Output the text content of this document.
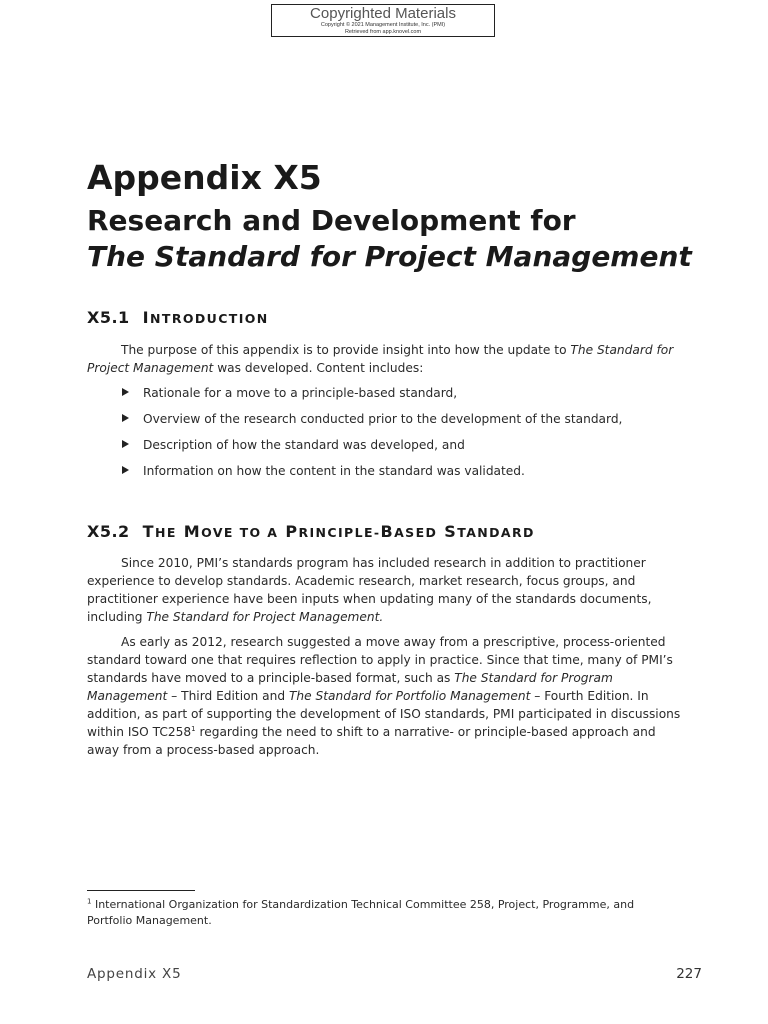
Copyrighted Materials
Copyright © 2021 Management Institute, Inc. (PMI)
Retrieved from app.knovel.com
Appendix X5
Research and Development for
The Standard for Project Management
X5.1 INTRODUCTION

The purpose of this appendix is to provide insight into how the update to The Standard for Project Management was developed. Content includes:

Rationale for a move to a principle-based standard,

Overview of the research conducted prior to the development of the standard,

Description of how the standard was developed, and

Information on how the content in the standard was validated.

X5.2 THE MOVE TO A PRINCIPLE-BASED STANDARD

Since 2010, PMI’s standards program has included research in addition to practitioner experience to develop standards. Academic research, market research, focus groups, and practitioner experience have been inputs when updating many of the standards documents, including The Standard for Project Management.

As early as 2012, research suggested a move away from a prescriptive, process-oriented standard toward one that requires reflection to apply in practice. Since that time, many of PMI’s standards have moved to a principle-based format, such as The Standard for Program Management – Third Edition and The Standard for Portfolio Management – Fourth Edition. In addition, as part of supporting the development of ISO standards, PMI participated in discussions within ISO $TC258^1$ regarding the need to shift to a narrative- or principle-based approach and away from a process-based approach.

$^1$ International Organization for Standardization Technical Committee 258, Project, Programme, and Portfolio Management.

Appendix X5	227
